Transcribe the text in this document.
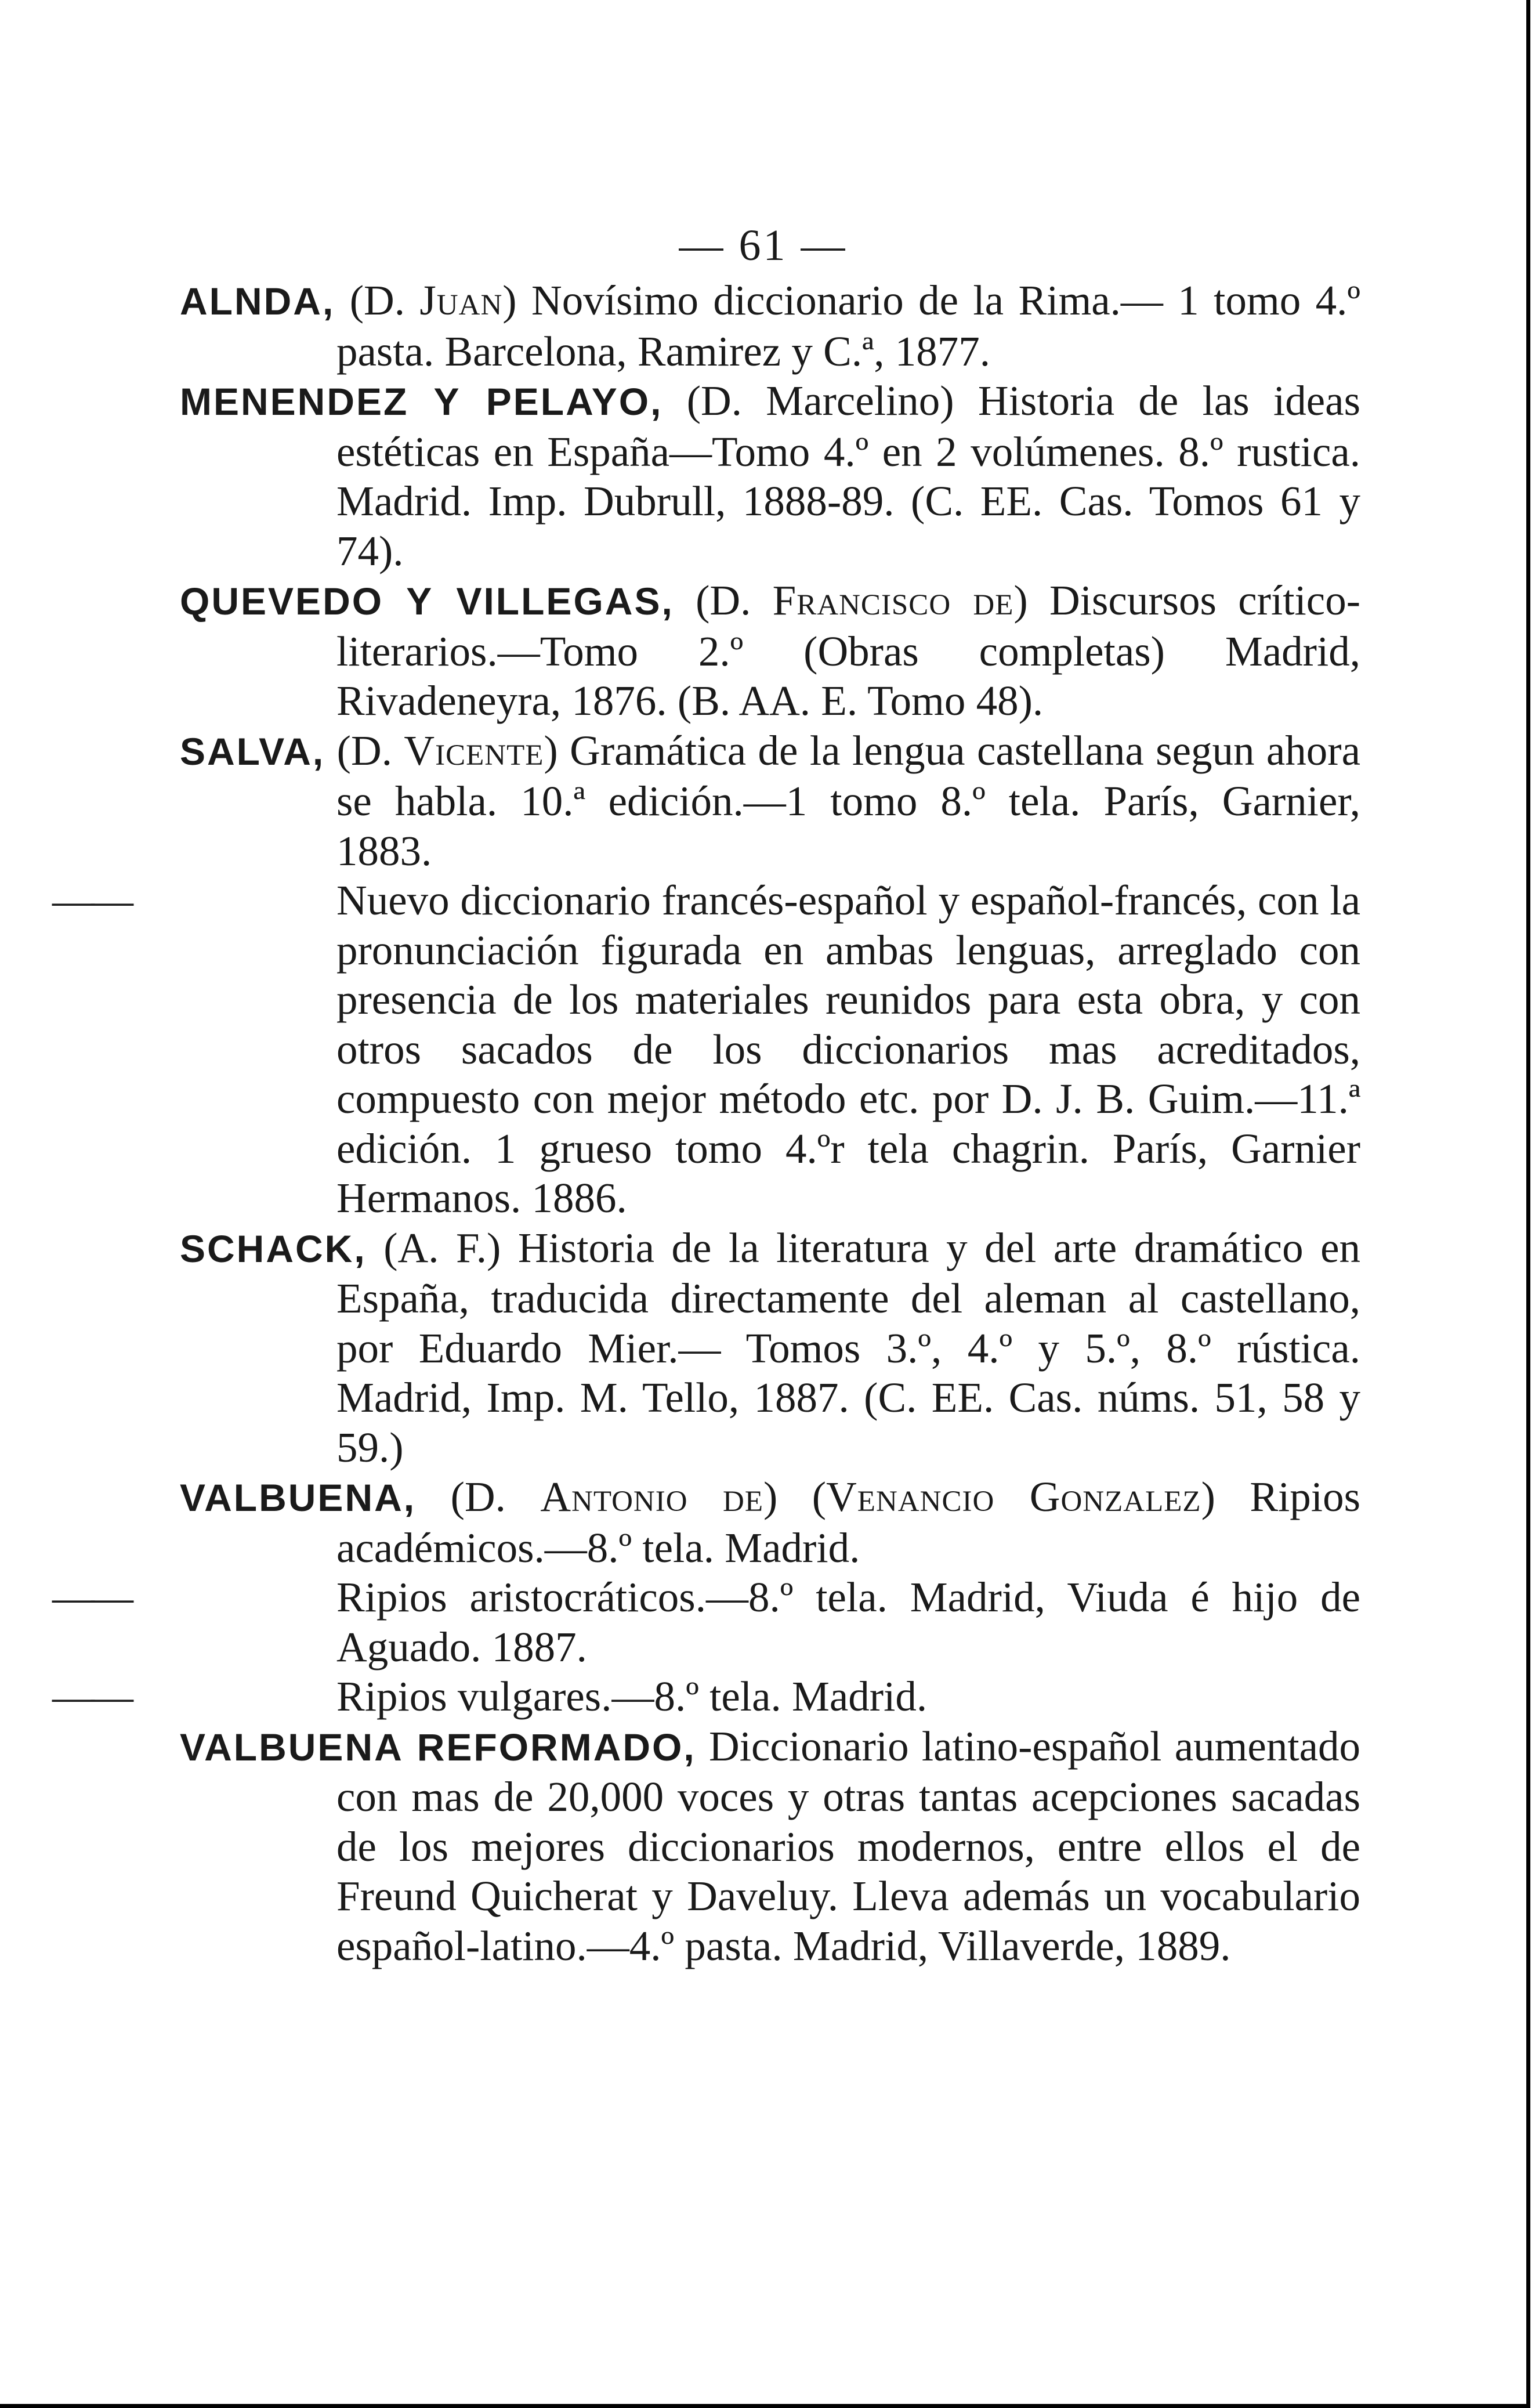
— 61 —

ALNDA, (D. Juan) Novísimo diccionario de la Rima.— 1 tomo 4.º pasta. Barcelona, Ramirez y C.ª, 1877.

MENENDEZ Y PELAYO, (D. Marcelino) Historia de las ideas estéticas en España—Tomo 4.º en 2 volúmenes. 8.º rustica. Madrid. Imp. Dubrull, 1888-89. (C. EE. Cas. Tomos 61 y 74).

QUEVEDO Y VILLEGAS, (D. Francisco de) Discursos crítico-literarios.—Tomo 2.º (Obras completas) Madrid, Rivadeneyra, 1876. (B. AA. E. Tomo 48).

SALVA, (D. Vicente) Gramática de la lengua castellana segun ahora se habla. 10.ª edición.—1 tomo 8.º tela. París, Garnier, 1883.

——	Nuevo diccionario francés-español y español-francés, con la pronunciación figurada en ambas lenguas, arreglado con presencia de los materiales reunidos para esta obra, y con otros sacados de los diccionarios mas acreditados, compuesto con mejor método etc. por D. J. B. Guim.—11.ª edición. 1 grueso tomo 4.ºr tela chagrin. París, Garnier Hermanos. 1886.

SCHACK, (A. F.) Historia de la literatura y del arte dramático en España, traducida directamente del aleman al castellano, por Eduardo Mier.— Tomos 3.º, 4.º y 5.º, 8.º rústica. Madrid, Imp. M. Tello, 1887. (C. EE. Cas. núms. 51, 58 y 59.)

VALBUENA, (D. Antonio de) (Venancio Gonzalez) Ripios académicos.—8.º tela. Madrid.

——	Ripios aristocráticos.—8.º tela. Madrid, Viuda é hijo de Aguado. 1887.

——	Ripios vulgares.—8.º tela. Madrid.

VALBUENA REFORMADO, Diccionario latino-español aumentado con mas de 20,000 voces y otras tantas acepciones sacadas de los mejores diccionarios modernos, entre ellos el de Freund Quicherat y Daveluy. Lleva además un vocabulario español-latino.—4.º pasta. Madrid, Villaverde, 1889.
